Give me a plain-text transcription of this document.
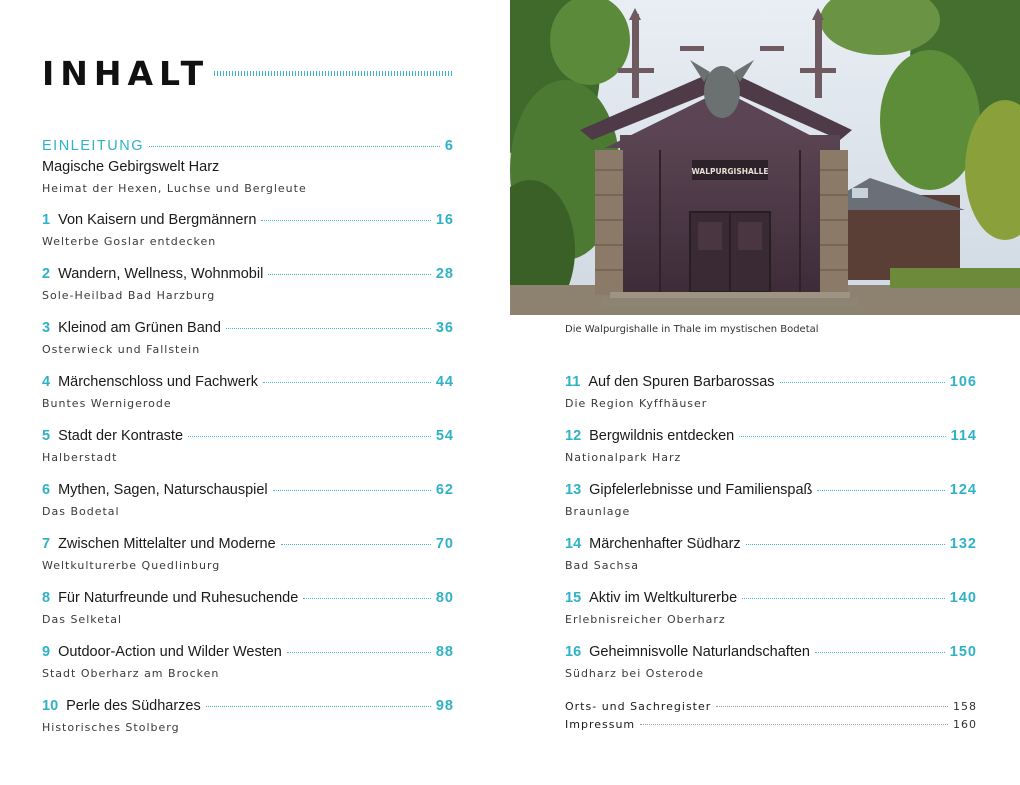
INHALT
EINLEITUNG	6
Magische Gebirgswelt Harz
Heimat der Hexen, Luchse und Bergleute
1 Von Kaisern und Bergmännern	16
Welterbe Goslar entdecken
2 Wandern, Wellness, Wohnmobil	28
Sole-Heilbad Bad Harzburg
3 Kleinod am Grünen Band	36
Osterwieck und Fallstein
4 Märchenschloss und Fachwerk	44
Buntes Wernigerode
5 Stadt der Kontraste	54
Halberstadt
6 Mythen, Sagen, Naturschauspiel	62
Das Bodetal
7 Zwischen Mittelalter und Moderne	70
Weltkulturerbe Quedlinburg
8 Für Naturfreunde und Ruhesuchende	80
Das Selketal
9 Outdoor-Action und Wilder Westen	88
Stadt Oberharz am Brocken
10 Perle des Südharzes	98
Historisches Stolberg
WALPURGISHALLE
Die Walpurgishalle in Thale im mystischen Bodetal
11 Auf den Spuren Barbarossas	106
Die Region Kyffhäuser
12 Bergwildnis entdecken	114
Nationalpark Harz
13 Gipfelerlebnisse und Familienspaß	124
Braunlage
14 Märchenhafter Südharz	132
Bad Sachsa
15 Aktiv im Weltkulturerbe	140
Erlebnisreicher Oberharz
16 Geheimnisvolle Naturlandschaften	150
Südharz bei Osterode
Orts- und Sachregister	158
Impressum	160
